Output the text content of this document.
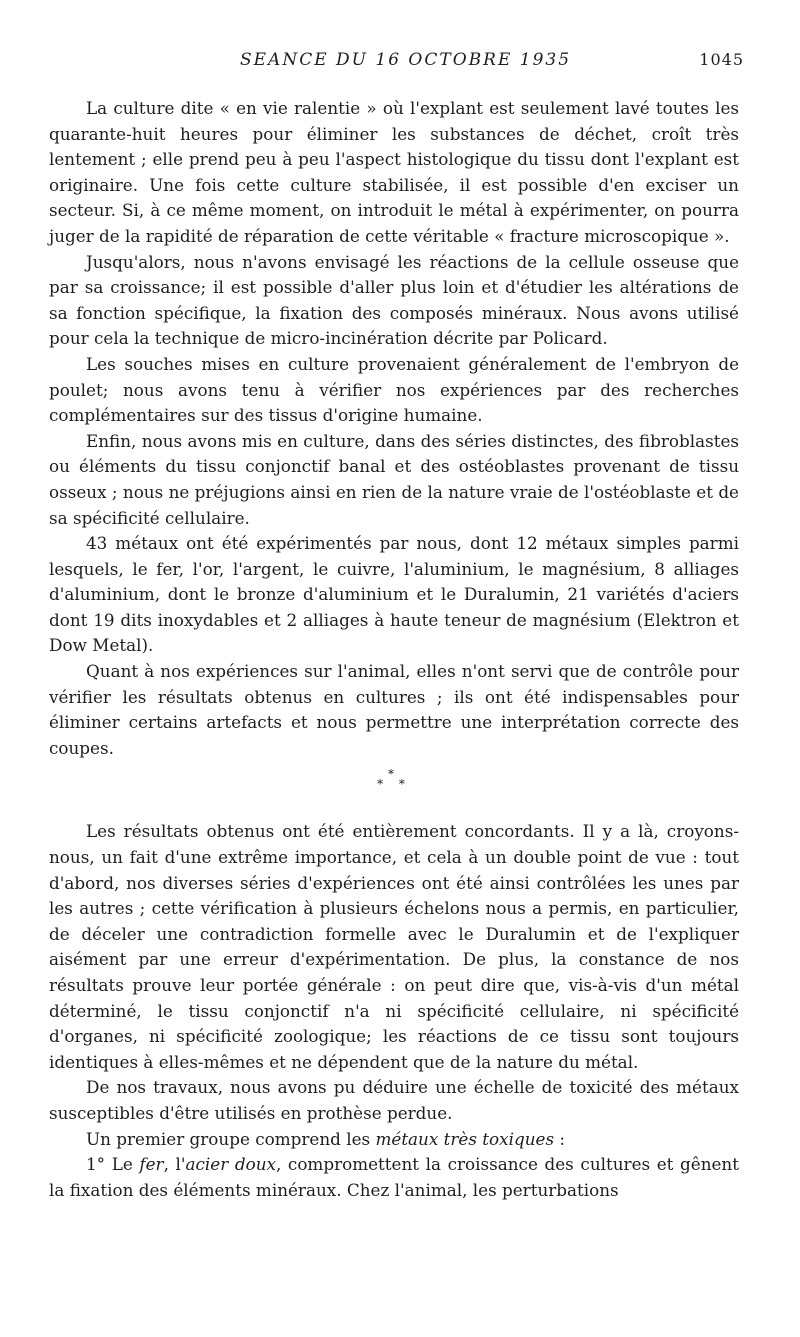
SEANCE DU 16 OCTOBRE 1935	1045

La culture dite « en vie ralentie » où l'explant est seulement lavé toutes les quarante-huit heures pour éliminer les substances de déchet, croît très lentement ; elle prend peu à peu l'aspect histologique du tissu dont l'explant est originaire. Une fois cette culture stabilisée, il est possible d'en exciser un secteur. Si, à ce même moment, on introduit le métal à expérimenter, on pourra juger de la rapidité de réparation de cette véritable « fracture microscopique ».

Jusqu'alors, nous n'avons envisagé les réactions de la cellule osseuse que par sa croissance; il est possible d'aller plus loin et d'étudier les altérations de sa fonction spécifique, la fixation des composés minéraux. Nous avons utilisé pour cela la technique de micro-incinération décrite par Policard.

Les souches mises en culture provenaient généralement de l'embryon de poulet; nous avons tenu à vérifier nos expériences par des recherches complémentaires sur des tissus d'origine humaine.

Enfin, nous avons mis en culture, dans des séries distinctes, des fibroblastes ou éléments du tissu conjonctif banal et des ostéoblastes provenant de tissu osseux ; nous ne préjugions ainsi en rien de la nature vraie de l'ostéoblaste et de sa spécificité cellulaire.

43 métaux ont été expérimentés par nous, dont 12 métaux simples parmi lesquels, le fer, l'or, l'argent, le cuivre, l'aluminium, le magnésium, 8 alliages d'aluminium, dont le bronze d'aluminium et le Duralumin, 21 variétés d'aciers dont 19 dits inoxydables et 2 alliages à haute teneur de magnésium (Elektron et Dow Metal).

Quant à nos expériences sur l'animal, elles n'ont servi que de contrôle pour vérifier les résultats obtenus en cultures ; ils ont été indispensables pour éliminer certains artefacts et nous permettre une interprétation correcte des coupes.

*
* *

Les résultats obtenus ont été entièrement concordants. Il y a là, croyons-nous, un fait d'une extrême importance, et cela à un double point de vue : tout d'abord, nos diverses séries d'expériences ont été ainsi contrôlées les unes par les autres ; cette vérification à plusieurs échelons nous a permis, en particulier, de déceler une contradiction formelle avec le Duralumin et de l'expliquer aisément par une erreur d'expérimentation. De plus, la constance de nos résultats prouve leur portée générale : on peut dire que, vis-à-vis d'un métal déterminé, le tissu conjonctif n'a ni spécificité cellulaire, ni spécificité d'organes, ni spécificité zoologique; les réactions de ce tissu sont toujours identiques à elles-mêmes et ne dépendent que de la nature du métal.

De nos travaux, nous avons pu déduire une échelle de toxicité des métaux susceptibles d'être utilisés en prothèse perdue.

Un premier groupe comprend les métaux très toxiques :

1° Le fer, l'acier doux, compromettent la croissance des cultures et gênent la fixation des éléments minéraux. Chez l'animal, les perturbations
